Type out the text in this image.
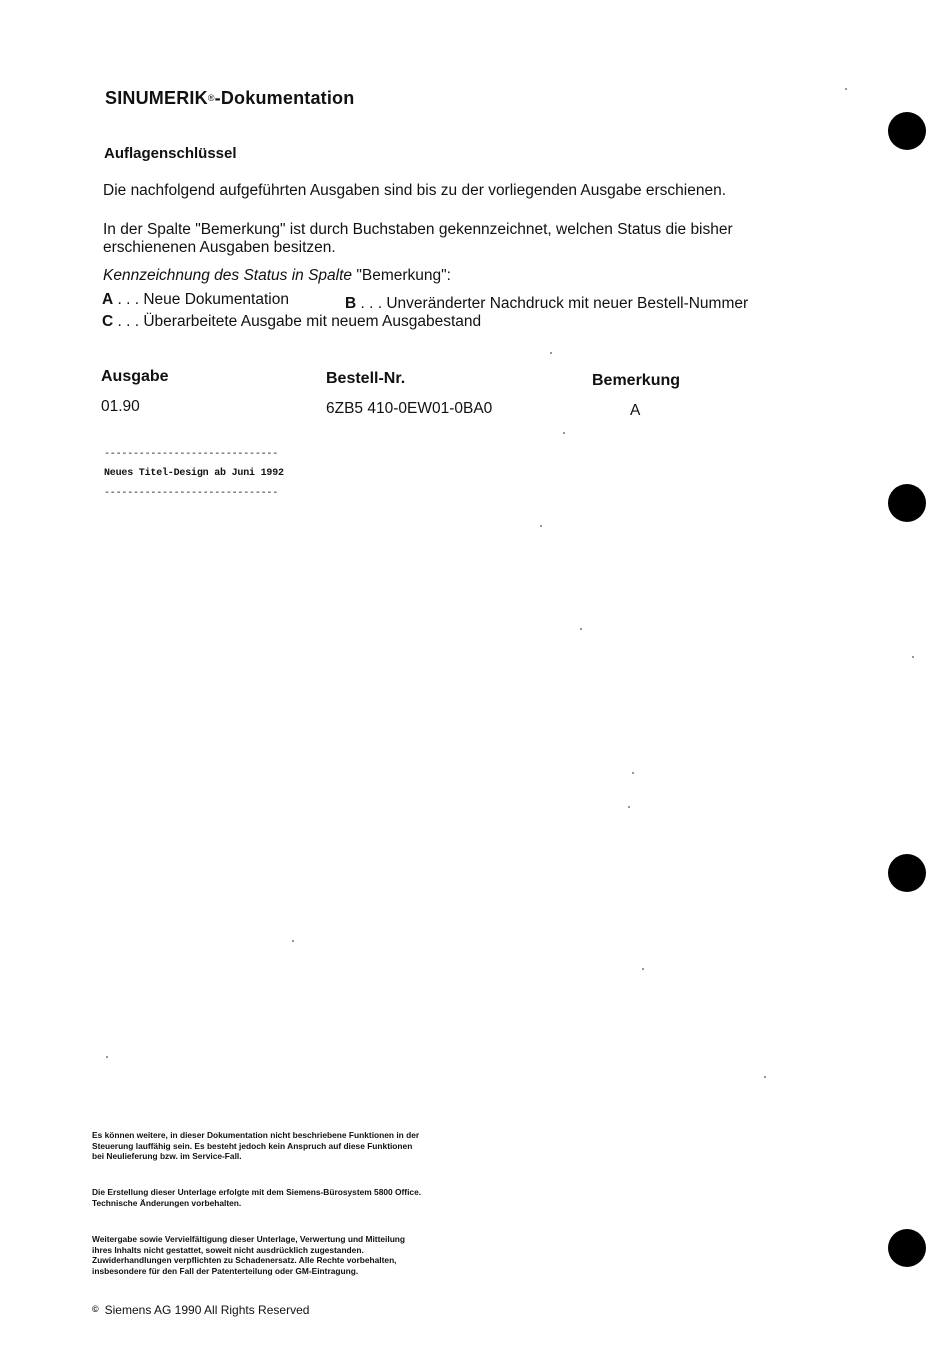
SINUMERIK®-Dokumentation
Auflagenschlüssel
Die nachfolgend aufgeführten Ausgaben sind bis zu der vorliegenden Ausgabe erschienen.
In der Spalte "Bemerkung" ist durch Buchstaben gekennzeichnet, welchen Status die bisher
erschienenen Ausgaben besitzen.
Kennzeichnung des Status in Spalte "Bemerkung":
A . . . Neue Dokumentation	B . . . Unveränderter Nachdruck mit neuer Bestell-Nummer
C . . . Überarbeitete Ausgabe mit neuem Ausgabestand
Ausgabe	Bestell-Nr.	Bemerkung
01.90	6ZB5 410-0EW01-0BA0	A
------------------------------
Neues Titel-Design ab Juni 1992
------------------------------
Es können weitere, in dieser Dokumentation nicht beschriebene Funktionen in der Steuerung lauffähig sein. Es besteht jedoch kein Anspruch auf diese Funktionen bei Neulieferung bzw. im Service-Fall.
Die Erstellung dieser Unterlage erfolgte mit dem Siemens-Bürosystem 5800 Office. Technische Änderungen vorbehalten.
Weitergabe sowie Vervielfältigung dieser Unterlage, Verwertung und Mitteilung ihres Inhalts nicht gestattet, soweit nicht ausdrücklich zugestanden. Zuwiderhandlungen verpflichten zu Schadenersatz. Alle Rechte vorbehalten, insbesondere für den Fall der Patenterteilung oder GM-Eintragung.
© Siemens AG 1990 All Rights Reserved
